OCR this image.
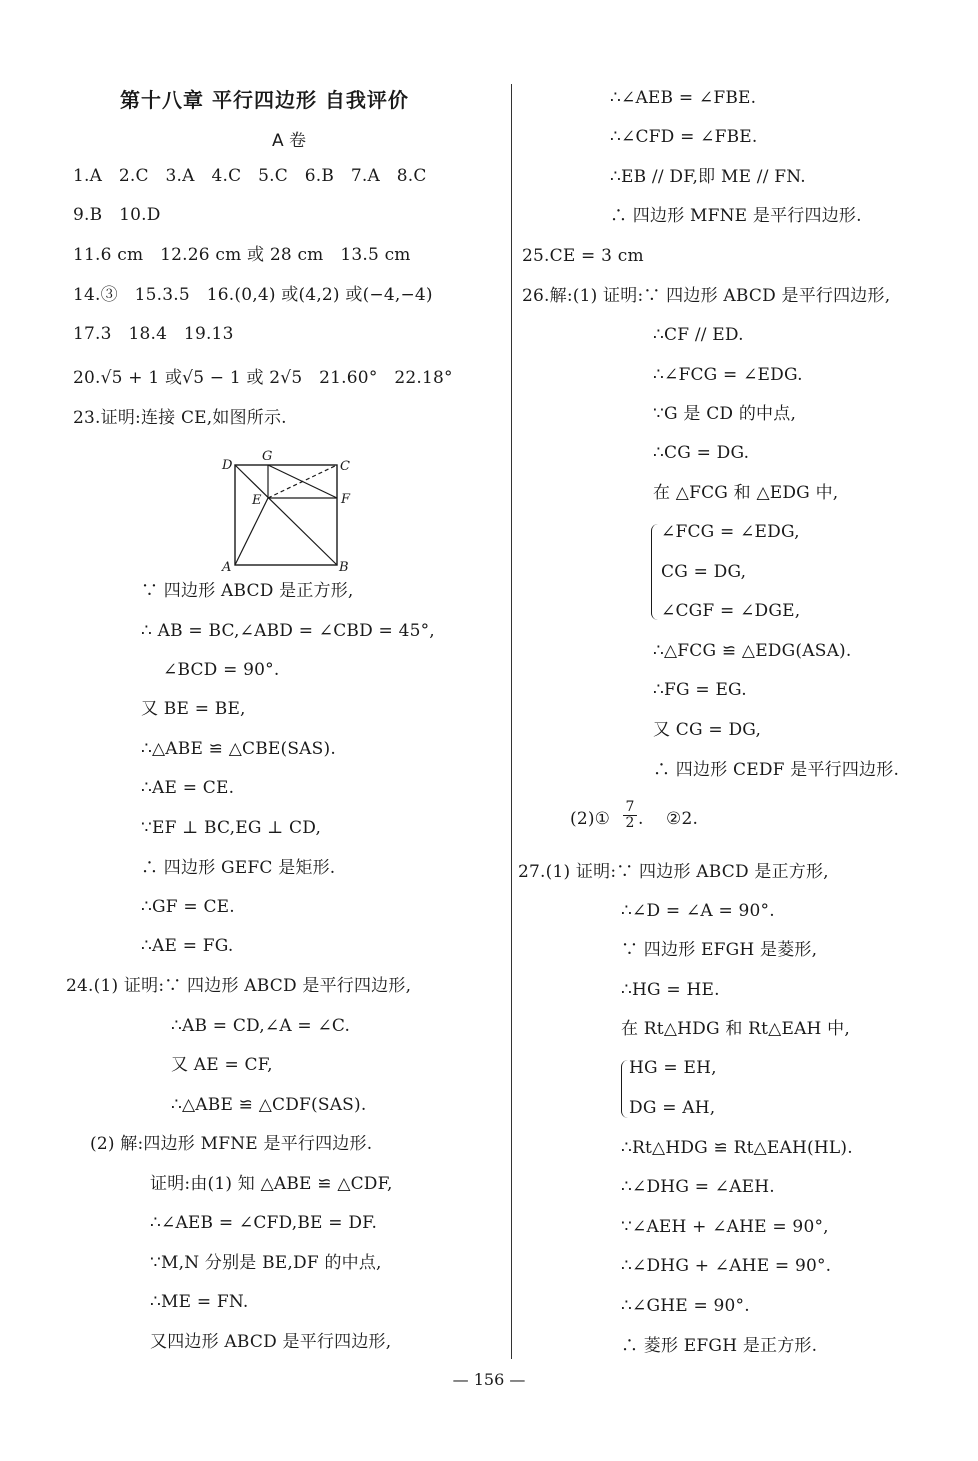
第十八章 平行四边形 自我评价
A 卷
1.A   2.C   3.A   4.C   5.C   6.B   7.A   8.C
9.B   10.D
11.6 cm   12.26 cm 或 28 cm   13.5 cm
14.③   15.3.5   16.(0,4) 或(4,2) 或(−4,−4)
17.3   18.4   19.13
20.√5 + 1 或√5 − 1 或 2√5   21.60°   22.18°
23.证明:连接 CE,如图所示.
D
G
C
E	F
A	B
∵ 四边形 ABCD 是正方形,
∴ AB = BC,∠ABD = ∠CBD = 45°,
∠BCD = 90°.
又 BE = BE,
∴△ABE ≌ △CBE(SAS).
∴AE = CE.
∵EF ⊥ BC,EG ⊥ CD,
∴ 四边形 GEFC 是矩形.
∴GF = CE.
∴AE = FG.
24.(1) 证明:∵ 四边形 ABCD 是平行四边形,
∴AB = CD,∠A = ∠C.
又 AE = CF,
∴△ABE ≌ △CDF(SAS).
(2) 解:四边形 MFNE 是平行四边形.
证明:由(1) 知 △ABE ≌ △CDF,
∴∠AEB = ∠CFD,BE = DF.
∵M,N 分别是 BE,DF 的中点,
∴ME = FN.
又四边形 ABCD 是平行四边形,
∴∠AEB = ∠FBE.
∴∠CFD = ∠FBE.
∴EB // DF,即 ME // FN.
∴ 四边形 MFNE 是平行四边形.
25.CE = 3 cm
26.解:(1) 证明:∵ 四边形 ABCD 是平行四边形,
∴CF // ED.
∴∠FCG = ∠EDG.
∵G 是 CD 的中点,
∴CG = DG.
在 △FCG 和 △EDG 中,
∠FCG = ∠EDG,
CG = DG,
∠CGF = ∠DGE,
∴△FCG ≌ △EDG(ASA).
∴FG = EG.
又 CG = DG,
∴ 四边形 CEDF 是平行四边形.
(2)① $\frac{7}{2}$ .    ②2.
27.(1) 证明:∵ 四边形 ABCD 是正方形,
∴∠D = ∠A = 90°.
∵ 四边形 EFGH 是菱形,
∴HG = HE.
在 Rt△HDG 和 Rt△EAH 中,
HG = EH,
DG = AH,
∴Rt△HDG ≌ Rt△EAH(HL).
∴∠DHG = ∠AEH.
∵∠AEH + ∠AHE = 90°,
∴∠DHG + ∠AHE = 90°.
∴∠GHE = 90°.
∴ 菱形 EFGH 是正方形.
— 156 —
